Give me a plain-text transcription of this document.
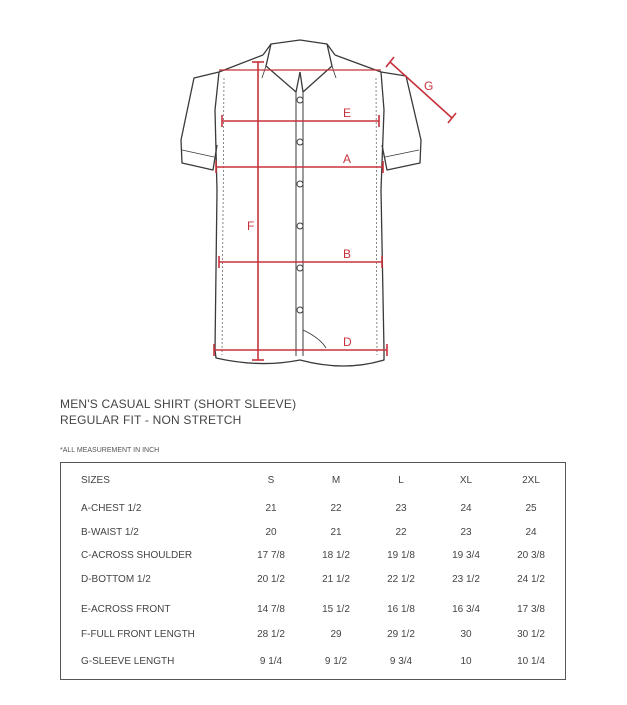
E
A
F
B
D
G
MEN'S CASUAL SHIRT (SHORT SLEEVE)
REGULAR FIT - NON STRETCH
*ALL MEASUREMENT IN INCH
SIZES	S	M	L	XL	2XL
A-CHEST 1/2	21	22	23	24	25
B-WAIST 1/2	20	21	22	23	24
C-ACROSS SHOULDER	17 7/8	18 1/2	19 1/8	19 3/4	20 3/8
D-BOTTOM 1/2	20 1/2	21 1/2	22 1/2	23 1/2	24 1/2
E-ACROSS FRONT	14 7/8	15 1/2	16 1/8	16 3/4	17 3/8
F-FULL FRONT LENGTH	28 1/2	29	29 1/2	30	30 1/2
G-SLEEVE LENGTH	9 1/4	9 1/2	9 3/4	10	10 1/4
